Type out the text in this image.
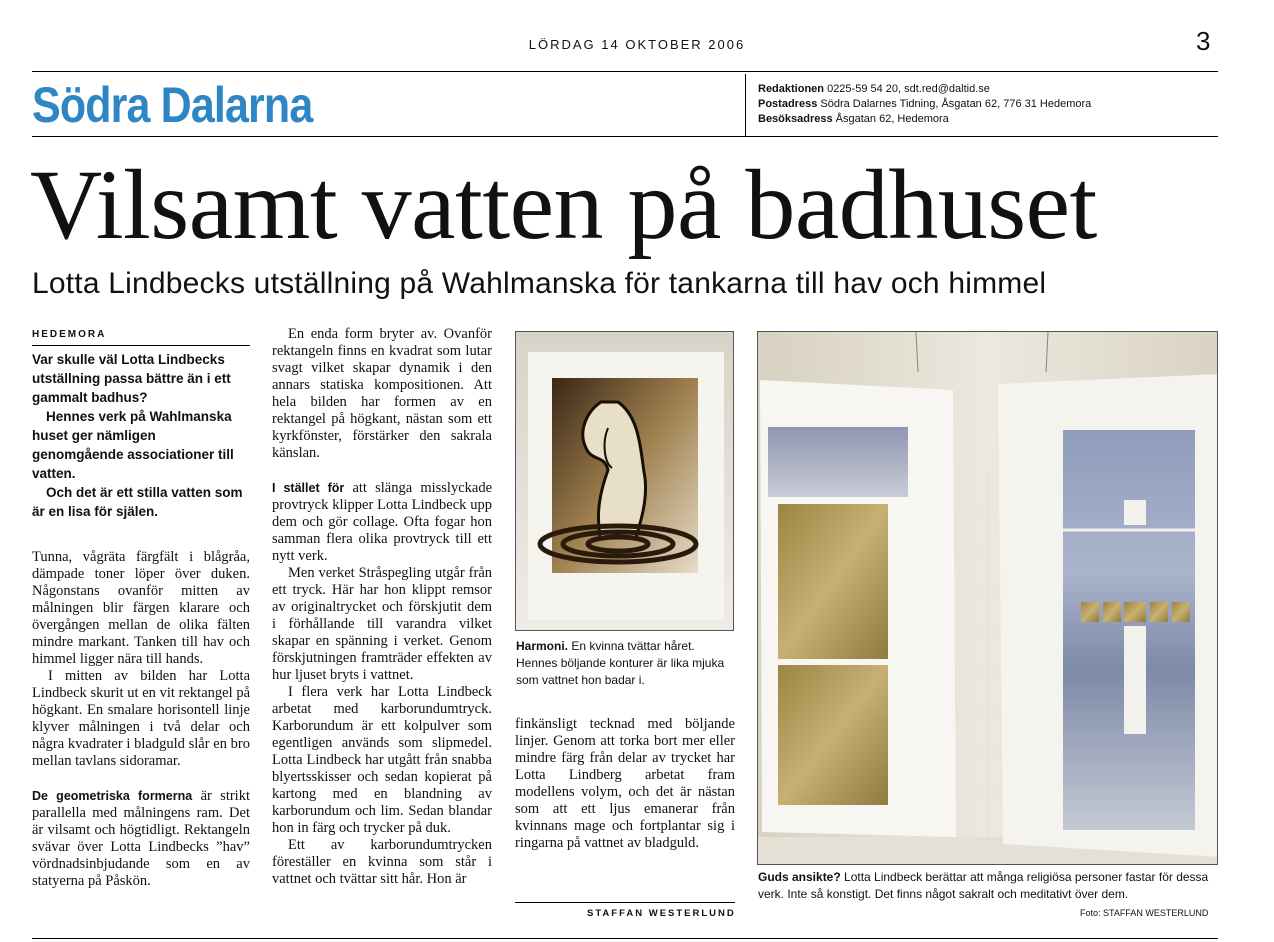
LÖRDAG 14 OKTOBER 2006	3
Södra Dalarna	Redaktionen 0225-59 54 20, sdt.red@daltid.se
Postadress Södra Dalarnes Tidning, Åsgatan 62, 776 31 Hedemora
Besöksadress Åsgatan 62, Hedemora
Vilsamt vatten på badhuset
Lotta Lindbecks utställning på Wahlmanska för tankarna till hav och himmel
HEDEMORA

Var skulle väl Lotta Lindbecks utställning passa bättre än i ett gammalt badhus?

Hennes verk på Wahlmanska huset ger nämligen genomgående associationer till vatten.

Och det är ett stilla vatten som är en lisa för själen.

Tunna, vågräta färgfält i blågråa, dämpade toner löper över duken. Någonstans ovanför mitten av målningen blir färgen klarare och övergången mellan de olika fälten mindre markant. Tanken till hav och himmel ligger nära till hands.

I mitten av bilden har Lotta Lindbeck skurit ut en vit rektangel på högkant. En smalare horisontell linje klyver målningen i två delar och några kvadrater i bladguld slår en bro mellan tavlans sidoramar.

De geometriska formerna är strikt parallella med målningens ram. Det är vilsamt och högtidligt. Rektangeln svävar över Lotta Lindbecks ”hav” vördnadsinbjudande som en av statyerna på Påskön.

En enda form bryter av. Ovanför rektangeln finns en kvadrat som lutar svagt vilket skapar dynamik i den annars statiska kompositionen. Att hela bilden har formen av en rektangel på högkant, nästan som ett kyrkfönster, förstärker den sakrala känslan.

I stället för att slänga misslyckade provtryck klipper Lotta Lindbeck upp dem och gör collage. Ofta fogar hon samman flera olika provtryck till ett nytt verk.

Men verket Stråspegling utgår från ett tryck. Här har hon klippt remsor av originaltrycket och förskjutit dem i förhållande till varandra vilket skapar en spänning i verket. Genom förskjutningen framträder effekten av hur ljuset bryts i vattnet.

I flera verk har Lotta Lindbeck arbetat med karborundumtryck. Karborundum är ett kolpulver som egentligen används som slipmedel. Lotta Lindbeck har utgått från snabba blyertsskisser och sedan kopierat på kartong med en blandning av karborundum och lim. Sedan blandar hon in färg och trycker på duk.

Ett av karborundumtrycken föreställer en kvinna som står i vattnet och tvättar sitt hår. Hon är

Harmoni. En kvinna tvättar håret. Hennes böljande konturer är lika mjuka som vattnet hon badar i.

finkänsligt tecknad med böljande linjer. Genom att torka bort mer eller mindre färg från delar av trycket har Lotta Lindberg arbetat fram modellens volym, och det är nästan som att ett ljus emanerar från kvinnans mage och fortplantar sig i ringarna på vattnet av bladguld.

STAFFAN WESTERLUND
Guds ansikte? Lotta Lindbeck berättar att många religiösa personer fastar för dessa verk. Inte så konstigt. Det finns något sakralt och meditativt över dem.
Foto: STAFFAN WESTERLUND
